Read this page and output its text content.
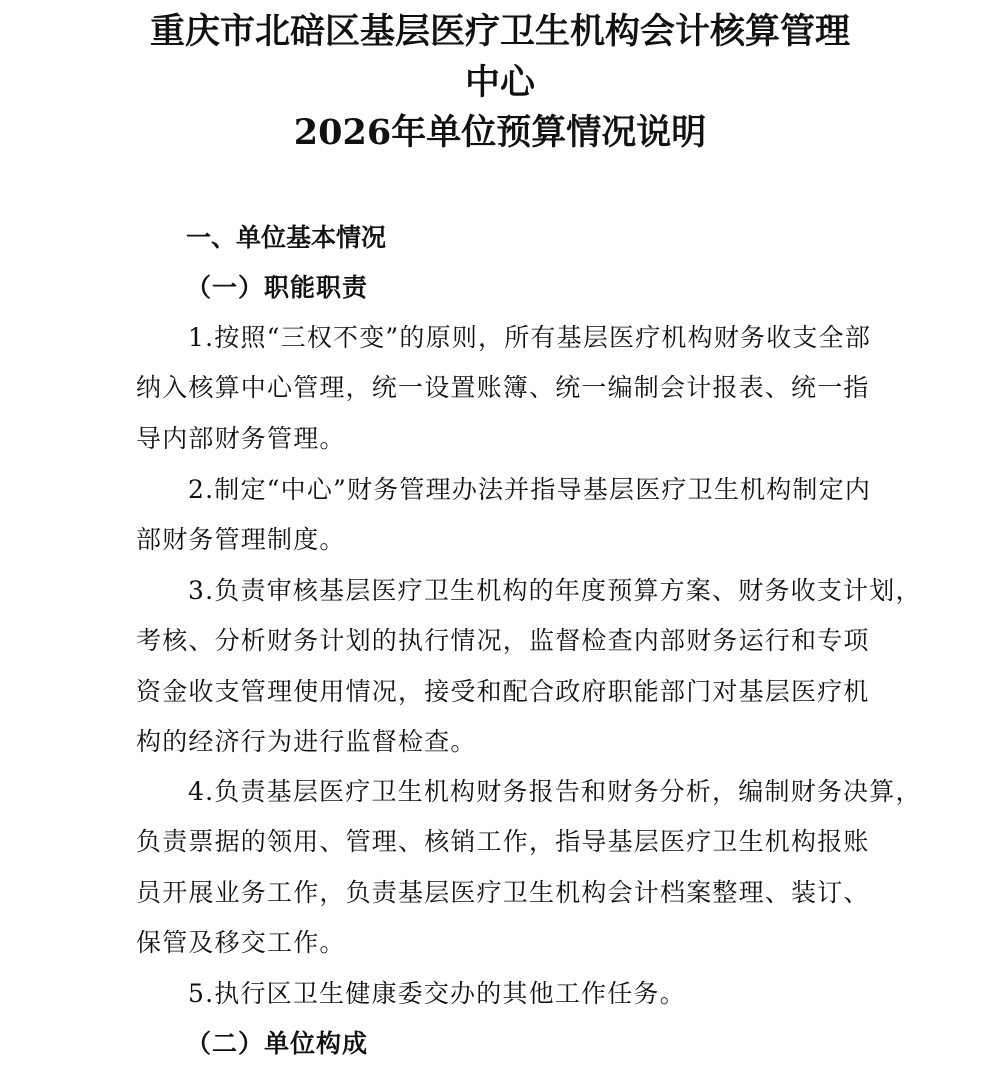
重庆市北碚区基层医疗卫生机构会计核算管理
中心
2026年单位预算情况说明
一、单位基本情况
（一）职能职责
1.按照“三权不变”的原则，所有基层医疗机构财务收支全部
纳入核算中心管理，统一设置账簿、统一编制会计报表、统一指
导内部财务管理。
2.制定“中心”财务管理办法并指导基层医疗卫生机构制定内
部财务管理制度。
3.负责审核基层医疗卫生机构的年度预算方案、财务收支计划，
考核、分析财务计划的执行情况，监督检查内部财务运行和专项
资金收支管理使用情况，接受和配合政府职能部门对基层医疗机
构的经济行为进行监督检查。
4.负责基层医疗卫生机构财务报告和财务分析，编制财务决算，
负责票据的领用、管理、核销工作，指导基层医疗卫生机构报账
员开展业务工作，负责基层医疗卫生机构会计档案整理、装订、
保管及移交工作。
5.执行区卫生健康委交办的其他工作任务。
（二）单位构成
